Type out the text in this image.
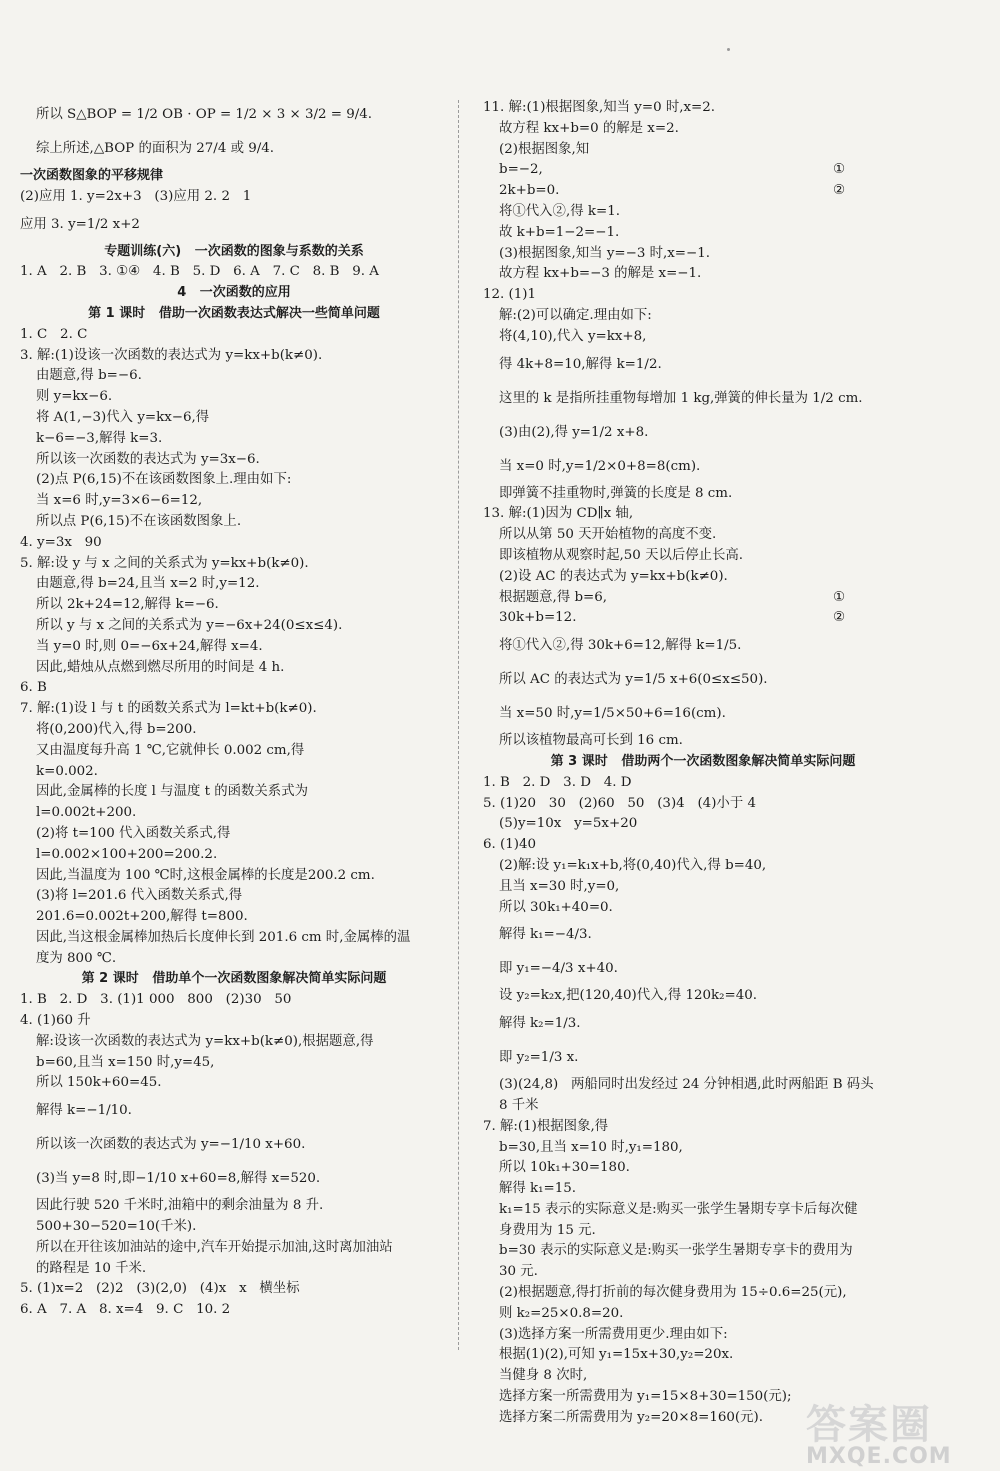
所以 S△BOP = 1/2 OB · OP = 1/2 × 3 × 3/2 = 9/4.
综上所述,△BOP 的面积为 27/4 或 9/4.
一次函数图象的平移规律
(2)应用 1. y=2x+3   (3)应用 2. 2   1
应用 3. y=1/2 x+2
专题训练(六)   一次函数的图象与系数的关系
1. A   2. B   3. ①④   4. B   5. D   6. A   7. C   8. B   9. A
4   一次函数的应用
第 1 课时   借助一次函数表达式解决一些简单问题
1. C   2. C
3. 解:(1)设该一次函数的表达式为 y=kx+b(k≠0).
由题意,得 b=−6.
则 y=kx−6.
将 A(1,−3)代入 y=kx−6,得
k−6=−3,解得 k=3.
所以该一次函数的表达式为 y=3x−6.
(2)点 P(6,15)不在该函数图象上.理由如下:
当 x=6 时,y=3×6−6=12,
所以点 P(6,15)不在该函数图象上.
4. y=3x   90
5. 解:设 y 与 x 之间的关系式为 y=kx+b(k≠0).
由题意,得 b=24,且当 x=2 时,y=12.
所以 2k+24=12,解得 k=−6.
所以 y 与 x 之间的关系式为 y=−6x+24(0≤x≤4).
当 y=0 时,则 0=−6x+24,解得 x=4.
因此,蜡烛从点燃到燃尽所用的时间是 4 h.
6. B
7. 解:(1)设 l 与 t 的函数关系式为 l=kt+b(k≠0).
将(0,200)代入,得 b=200.
又由温度每升高 1 ℃,它就伸长 0.002 cm,得
k=0.002.
因此,金属棒的长度 l 与温度 t 的函数关系式为
l=0.002t+200.
(2)将 t=100 代入函数关系式,得
l=0.002×100+200=200.2.
因此,当温度为 100 ℃时,这根金属棒的长度是200.2 cm.
(3)将 l=201.6 代入函数关系式,得
201.6=0.002t+200,解得 t=800.
因此,当这根金属棒加热后长度伸长到 201.6 cm 时,金属棒的温
度为 800 ℃.
第 2 课时   借助单个一次函数图象解决简单实际问题
1. B   2. D   3. (1)1 000   800   (2)30   50
4. (1)60 升
解:设该一次函数的表达式为 y=kx+b(k≠0),根据题意,得
b=60,且当 x=150 时,y=45,
所以 150k+60=45.
解得 k=−1/10.
所以该一次函数的表达式为 y=−1/10 x+60.
(3)当 y=8 时,即−1/10 x+60=8,解得 x=520.
因此行驶 520 千米时,油箱中的剩余油量为 8 升.
500+30−520=10(千米).
所以在开往该加油站的途中,汽车开始提示加油,这时离加油站
的路程是 10 千米.
5. (1)x=2   (2)2   (3)(2,0)   (4)x   x   横坐标
6. A   7. A   8. x=4   9. C   10. 2
11. 解:(1)根据图象,知当 y=0 时,x=2.
故方程 kx+b=0 的解是 x=2.
(2)根据图象,知
b=−2,	①
2k+b=0.	②
将①代入②,得 k=1.
故 k+b=1−2=−1.
(3)根据图象,知当 y=−3 时,x=−1.
故方程 kx+b=−3 的解是 x=−1.
12. (1)1
解:(2)可以确定.理由如下:
将(4,10),代入 y=kx+8,
得 4k+8=10,解得 k=1/2.
这里的 k 是指所挂重物每增加 1 kg,弹簧的伸长量为 1/2 cm.
(3)由(2),得 y=1/2 x+8.
当 x=0 时,y=1/2×0+8=8(cm).
即弹簧不挂重物时,弹簧的长度是 8 cm.
13. 解:(1)因为 CD∥x 轴,
所以从第 50 天开始植物的高度不变.
即该植物从观察时起,50 天以后停止长高.
(2)设 AC 的表达式为 y=kx+b(k≠0).
根据题意,得 b=6,	①
30k+b=12.	②
将①代入②,得 30k+6=12,解得 k=1/5.
所以 AC 的表达式为 y=1/5 x+6(0≤x≤50).
当 x=50 时,y=1/5×50+6=16(cm).
所以该植物最高可长到 16 cm.
第 3 课时   借助两个一次函数图象解决简单实际问题
1. B   2. D   3. D   4. D
5. (1)20   30   (2)60   50   (3)4   (4)小于 4
(5)y=10x   y=5x+20
6. (1)40
(2)解:设 y₁=k₁x+b,将(0,40)代入,得 b=40,
且当 x=30 时,y=0,
所以 30k₁+40=0.
解得 k₁=−4/3.
即 y₁=−4/3 x+40.
设 y₂=k₂x,把(120,40)代入,得 120k₂=40.
解得 k₂=1/3.
即 y₂=1/3 x.
(3)(24,8)   两船同时出发经过 24 分钟相遇,此时两船距 B 码头
8 千米
7. 解:(1)根据图象,得
b=30,且当 x=10 时,y₁=180,
所以 10k₁+30=180.
解得 k₁=15.
k₁=15 表示的实际意义是:购买一张学生暑期专享卡后每次健
身费用为 15 元.
b=30 表示的实际意义是:购买一张学生暑期专享卡的费用为
30 元.
(2)根据题意,得打折前的每次健身费用为 15÷0.6=25(元),
则 k₂=25×0.8=20.
(3)选择方案一所需费用更少.理由如下:
根据(1)(2),可知 y₁=15x+30,y₂=20x.
当健身 8 次时,
选择方案一所需费用为 y₁=15×8+30=150(元);
选择方案二所需费用为 y₂=20×8=160(元).	答案圈
MXQE.COM
